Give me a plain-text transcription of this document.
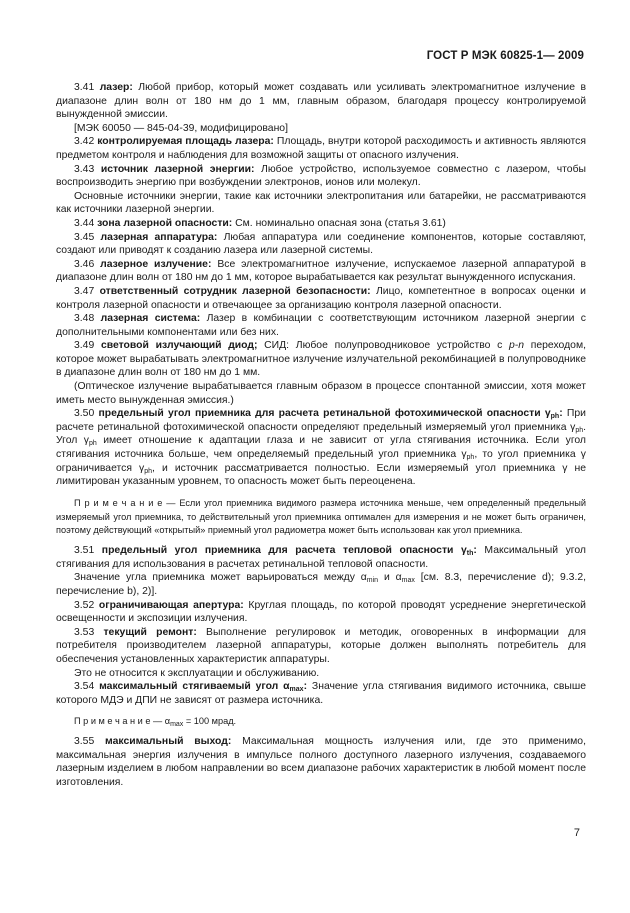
ГОСТ Р МЭК 60825-1— 2009

3.41 лазер: Любой прибор, который может создавать или усиливать электромагнитное излучение в диапазоне длин волн от 180 нм до 1 мм, главным образом, благодаря процессу контролируемой вынужденной эмиссии.

[МЭК 60050 — 845-04-39, модифицировано]

3.42 контролируемая площадь лазера: Площадь, внутри которой расходимость и активность являются предметом контроля и наблюдения для возможной защиты от опасного излучения.

3.43 источник лазерной энергии: Любое устройство, используемое совместно с лазером, чтобы воспроизводить энергию при возбуждении электронов, ионов или молекул.

Основные источники энергии, такие как источники электропитания или батарейки, не рассматриваются как источники лазерной энергии.

3.44 зона лазерной опасности: См. номинально опасная зона (статья 3.61)

3.45 лазерная аппаратура: Любая аппаратура или соединение компонентов, которые составляют, создают или приводят к созданию лазера или лазерной системы.

3.46 лазерное излучение: Все электромагнитное излучение, испускаемое лазерной аппаратурой в диапазоне длин волн от 180 нм до 1 мм, которое вырабатывается как результат вынужденного испускания.

3.47 ответственный сотрудник лазерной безопасности: Лицо, компетентное в вопросах оценки и контроля лазерной опасности и отвечающее за организацию контроля лазерной опасности.

3.48 лазерная система: Лазер в комбинации с соответствующим источником лазерной энергии с дополнительными компонентами или без них.

3.49 световой излучающий диод; СИД: Любое полупроводниковое устройство с p-n переходом, которое может вырабатывать электромагнитное излучение излучательной рекомбинацией в полупроводнике в диапазоне длин волн от 180 нм до 1 мм.

(Оптическое излучение вырабатывается главным образом в процессе спонтанной эмиссии, хотя может иметь место вынужденная эмиссия.)

3.50 предельный угол приемника для расчета ретинальной фотохимической опасности $\gamma_{ph}$: При расчете ретинальной фотохимической опасности определяют предельный измеряемый угол приемника $\gamma_{ph}$. Угол $\gamma_{ph}$ имеет отношение к адаптации глаза и не зависит от угла стягивания источника. Если угол стягивания источника больше, чем определяемый предельный угол приемника $\gamma_{ph}$, то угол приемника γ ограничивается $\gamma_{ph}$, и источник рассматривается полностью. Если измеряемый угол приемника γ не лимитирован указанным уровнем, то опасность может быть переоценена.

П р и м е ч а н и е — Если угол приемника видимого размера источника меньше, чем определенный предельный измеряемый угол приемника, то действительный угол приемника оптимален для измерения и не может быть ограничен, поэтому действующий «открытый» приемный угол радиометра может быть использован как угол приемника.

3.51 предельный угол приемника для расчета тепловой опасности $\gamma_{th}$: Максимальный угол стягивания для использования в расчетах ретинальной тепловой опасности.

Значение угла приемника может варьироваться между $\alpha_{min}$ и $\alpha_{max}$ [см. 8.3, перечисление d); 9.3.2, перечисление b), 2)].

3.52 ограничивающая апертура: Круглая площадь, по которой проводят усреднение энергетической освещенности и экспозиции излучения.

3.53 текущий ремонт: Выполнение регулировок и методик, оговоренных в информации для потребителя производителем лазерной аппаратуры, которые должен выполнять потребитель для обеспечения установленных характеристик аппаратуры.

Это не относится к эксплуатации и обслуживанию.

3.54 максимальный стягиваемый угол $\alpha_{max}$: Значение угла стягивания видимого источника, свыше которого МДЭ и ДПИ не зависят от размера источника.

П р и м е ч а н и е — $\alpha_{max} = 100$ мрад.

3.55 максимальный выход: Максимальная мощность излучения или, где это применимо, максимальная энергия излучения в импульсе полного доступного лазерного излучения, создаваемого лазерным изделием в любом направлении во всем диапазоне рабочих характеристик в любой момент после изготовления.

7
